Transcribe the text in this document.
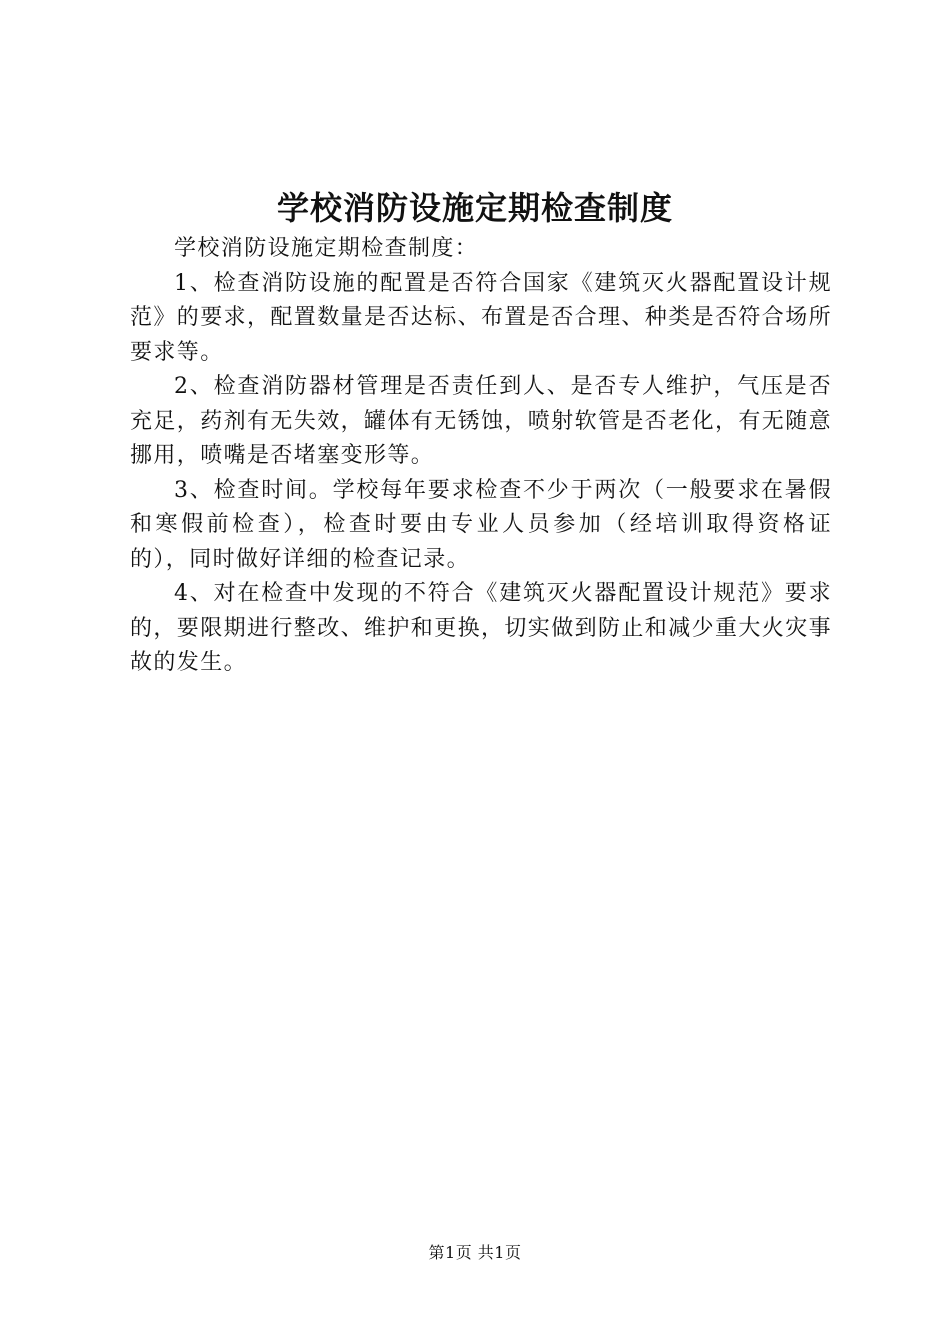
学校消防设施定期检查制度

学校消防设施定期检查制度：

1、检查消防设施的配置是否符合国家《建筑灭火器配置设计规范》的要求，配置数量是否达标、布置是否合理、种类是否符合场所要求等。

2、检查消防器材管理是否责任到人、是否专人维护，气压是否充足，药剂有无失效，罐体有无锈蚀，喷射软管是否老化，有无随意挪用，喷嘴是否堵塞变形等。

3、检查时间。学校每年要求检查不少于两次（一般要求在暑假和寒假前检查），检查时要由专业人员参加（经培训取得资格证的），同时做好详细的检查记录。

4、对在检查中发现的不符合《建筑灭火器配置设计规范》要求的，要限期进行整改、维护和更换，切实做到防止和减少重大火灾事故的发生。

第1页 共1页
